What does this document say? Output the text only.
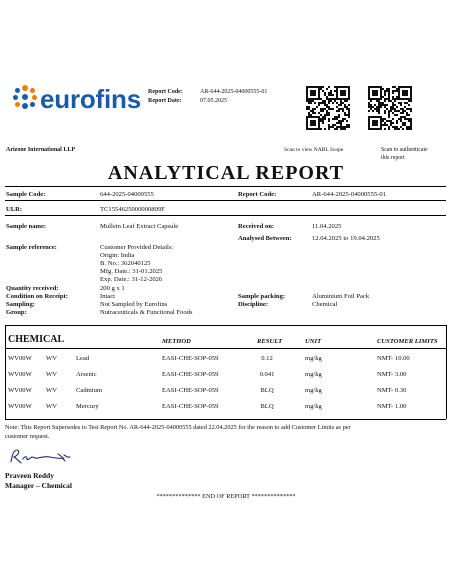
eurofins Report Code:	AR-644-2025-04000555-01
Report Date:	07.05.2025
Scan to view NABL Scope	Scan to authenticate
this report
Arizone International LLP
ANALYTICAL REPORT
Sample Code:	644-2025-04000555	Report Code:	AR-644-2025-04000555-01
ULR:	TC1554625000000809F
Sample name:	Mullein Leaf Extract Capsule	Received on:	11.04.2025
Analysed Between:	12.04.2025 to 19.04.2025
Sample reference:	Customer Provided Details:
Origin: India
B. No.: 362040125
Mfg. Date.: 31-01.2025
Exp. Date.: 31-12-2026
Quantity received:	200 g x 1
Condition on Receipt:	Intact	Sample packing:	Aluminium Foil Pack
Sampling:	Not Sampled by Eurofins	Discipline:	Chemical
Group:	Nutraceuticals & Functional Foods
CHEMICAL	METHOD	RESULT	UNIT	CUSTOMER LIMITS
WV00W WV	Lead	EASI-CHE-SOP-059	0.12	mg/kg	NMT- 10.00
WV00W WV	Arsenic	EASI-CHE-SOP-059	0.041	mg/kg	NMT- 3.00
WV00W WV	Cadmium	EASI-CHE-SOP-059	BLQ	mg/kg	NMT- 0.30
WV00W WV	Mercury	EASI-CHE-SOP-059	BLQ	mg/kg	NMT- 1.00
Note: This Report Supersedes to Test Report No. AR-644-2025-04000555 dated 22.04.2025 for the reason to add Customer Limits as per
customer request.
Praveen Reddy
Manager – Chemical
************** END OF REPORT **************
